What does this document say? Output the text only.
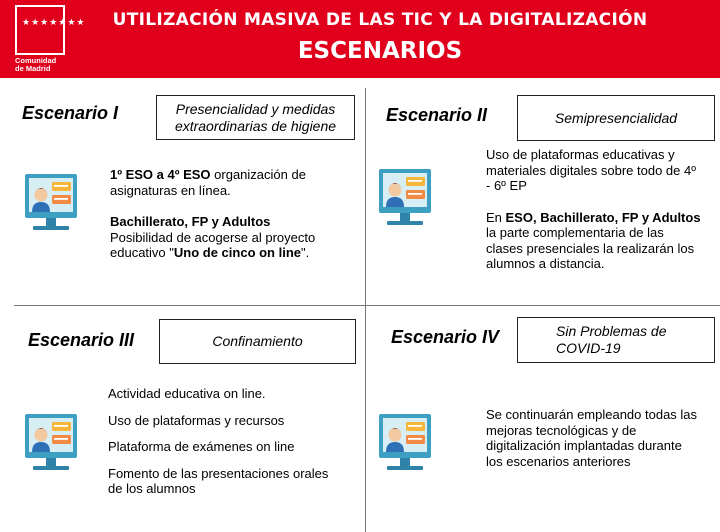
★★★★★★★
Comunidad
de Madrid
UTILIZACIÓN MASIVA DE LAS TIC Y LA DIGITALIZACIÓN
ESCENARIOS
Escenario I	Presencialidad y medidas
extraordinarias de higiene

1º ESO a 4º ESO organización de asignaturas en línea.

Bachillerato, FP y Adultos

Posibilidad de acogerse al proyecto educativo "Uno de cinco on line".

Escenario II	Semipresencialidad

Uso de plataformas educativas y materiales digitales sobre todo de 4º - 6º EP

En ESO, Bachillerato, FP y Adultos la parte complementaria de las clases presenciales la realizarán los alumnos a distancia.

Escenario III	Confinamiento

Actividad educativa on line.

Uso de plataformas y recursos

Plataforma de exámenes on line

Fomento de las presentaciones orales de los alumnos

Escenario IV	Sin Problemas de
COVID-19

Se continuarán empleando todas las mejoras tecnológicas y de digitalización implantadas durante los escenarios anteriores
